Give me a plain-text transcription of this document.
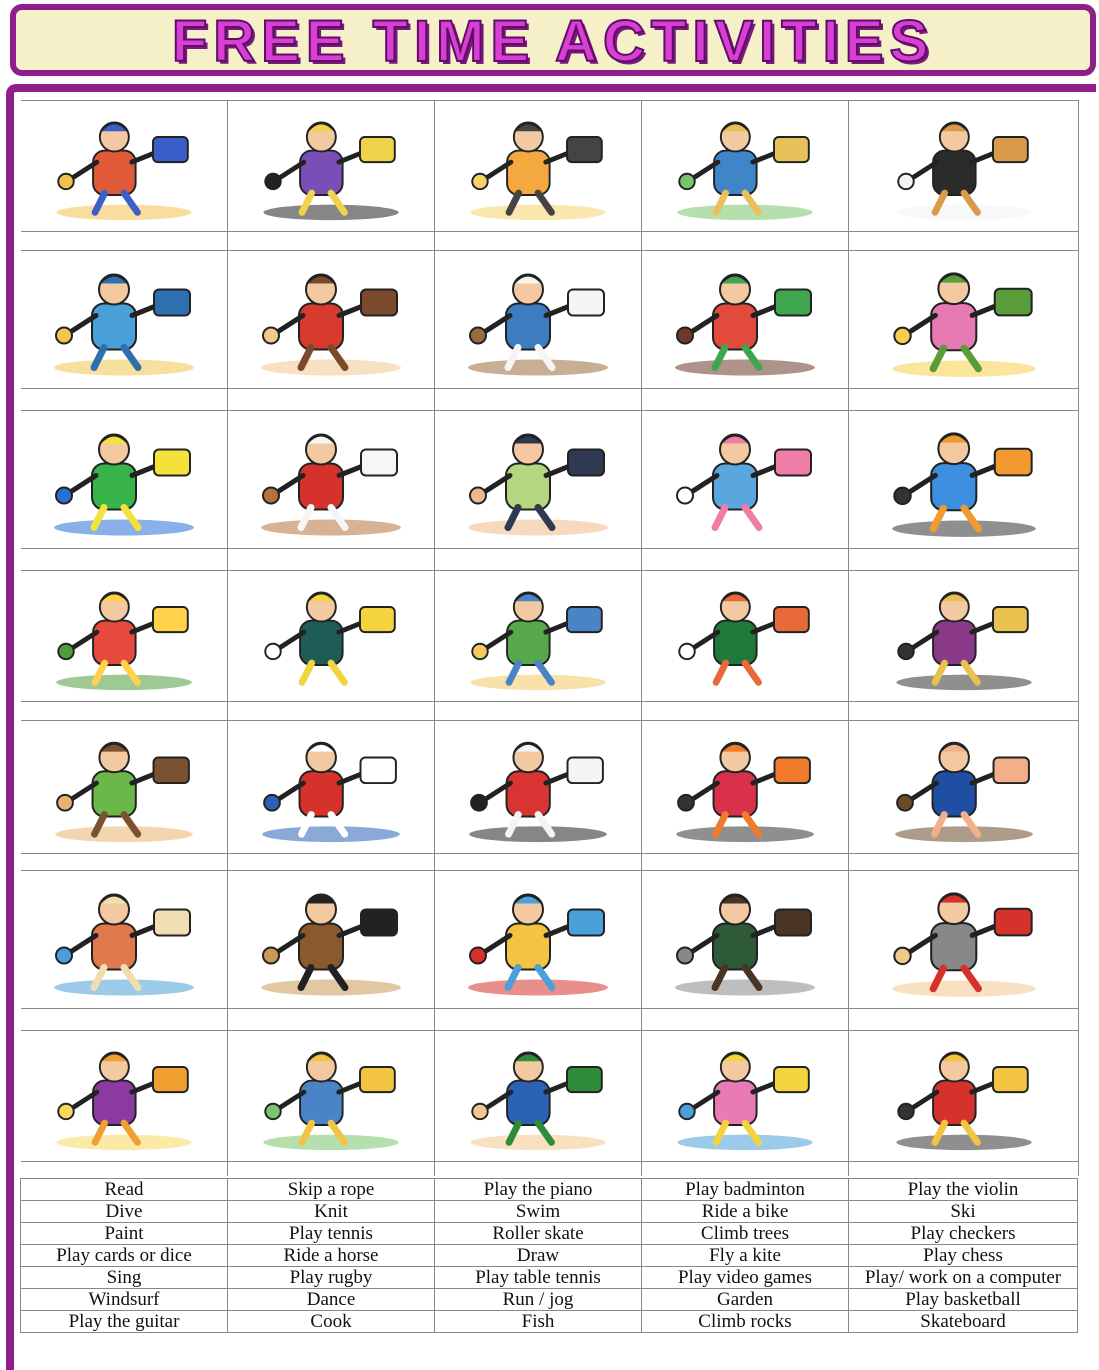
FREE TIME ACTIVITIES
Read	Skip a rope	Play the piano	Play badminton	Play the violin
Dive	Knit	Swim	Ride a bike	Ski
Paint	Play tennis	Roller skate	Climb trees	Play checkers
Play cards or dice	Ride a horse	Draw	Fly a kite	Play chess
Sing	Play rugby	Play table tennis	Play video games	Play/ work on a computer
Windsurf	Dance	Run / jog	Garden	Play basketball
Play the guitar	Cook	Fish	Climb rocks	Skateboard
